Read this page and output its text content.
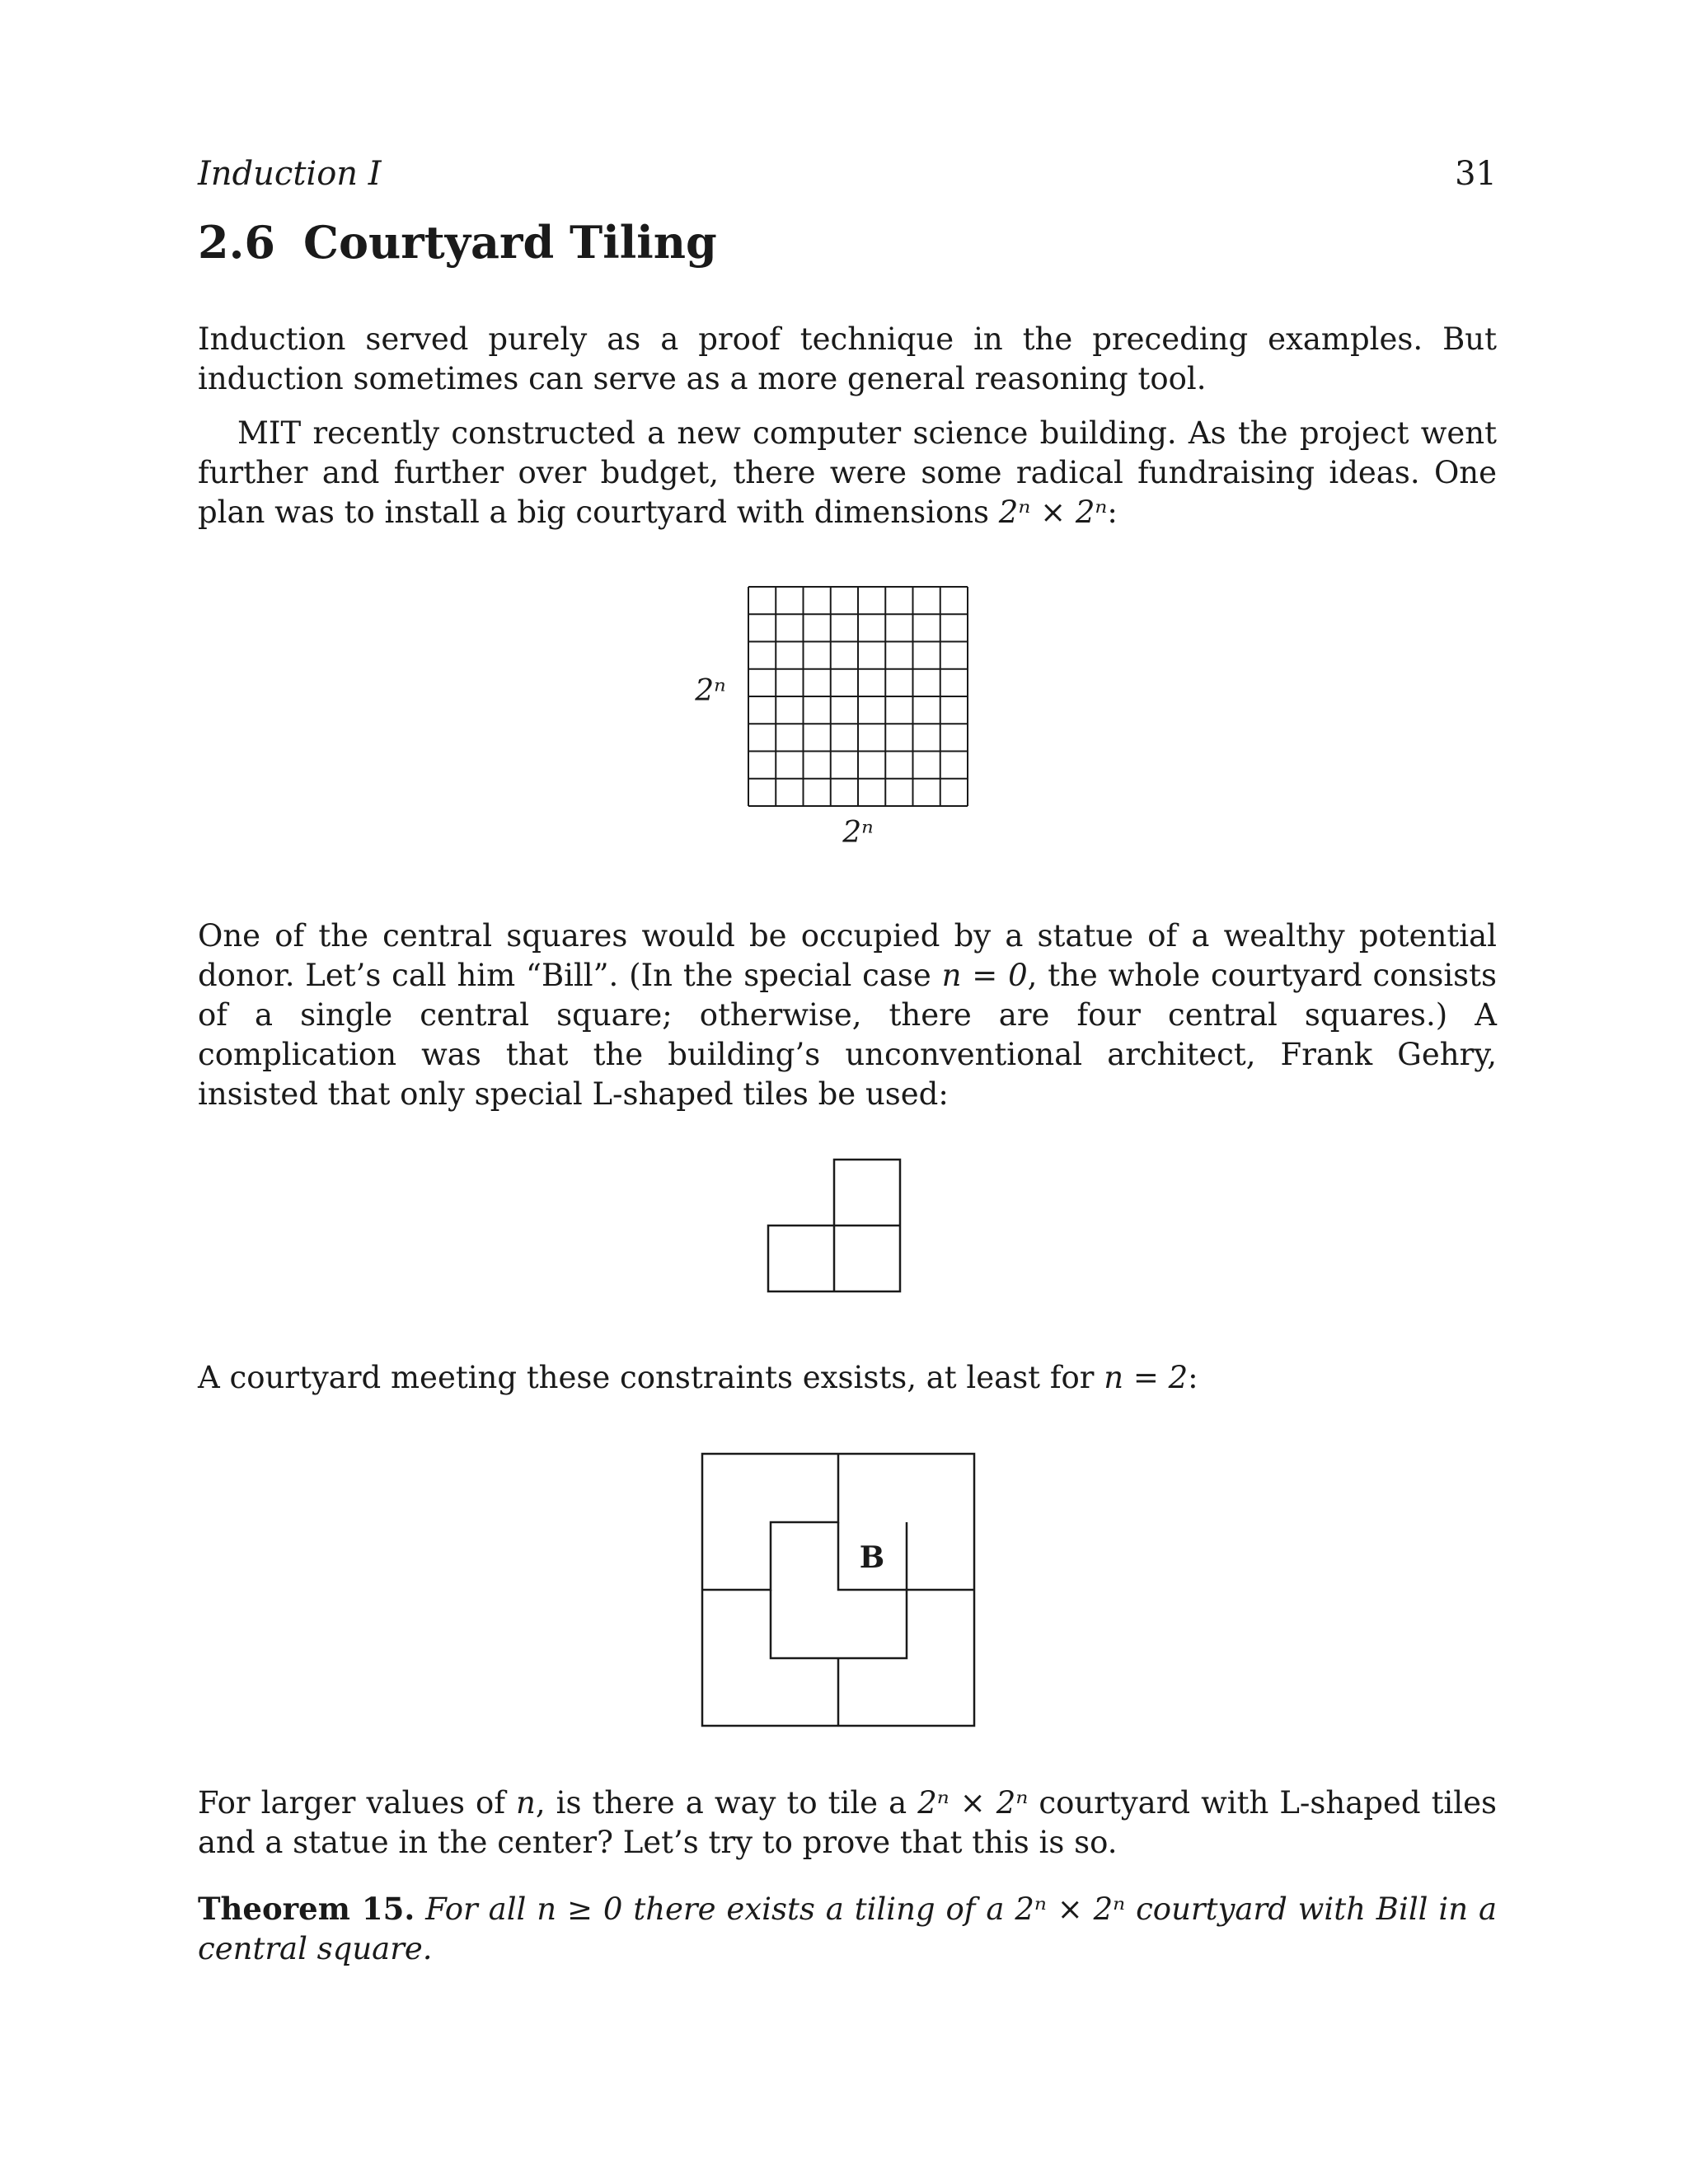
Induction I	31
2.6 Courtyard Tiling

Induction served purely as a proof technique in the preceding examples. But induction sometimes can serve as a more general reasoning tool.

MIT recently constructed a new computer science building. As the project went further and further over budget, there were some radical fundraising ideas. One plan was to install a big courtyard with dimensions 2ⁿ × 2ⁿ:

2ⁿ
2ⁿ

One of the central squares would be occupied by a statue of a wealthy potential donor. Let’s call him “Bill”. (In the special case n = 0, the whole courtyard consists of a single central square; otherwise, there are four central squares.) A complication was that the building’s unconventional architect, Frank Gehry, insisted that only special L-shaped tiles be used:

A courtyard meeting these constraints exsists, at least for n = 2:

B

For larger values of n, is there a way to tile a 2ⁿ × 2ⁿ courtyard with L-shaped tiles and a statue in the center? Let’s try to prove that this is so.

Theorem 15. For all n ≥ 0 there exists a tiling of a 2ⁿ × 2ⁿ courtyard with Bill in a central square.
